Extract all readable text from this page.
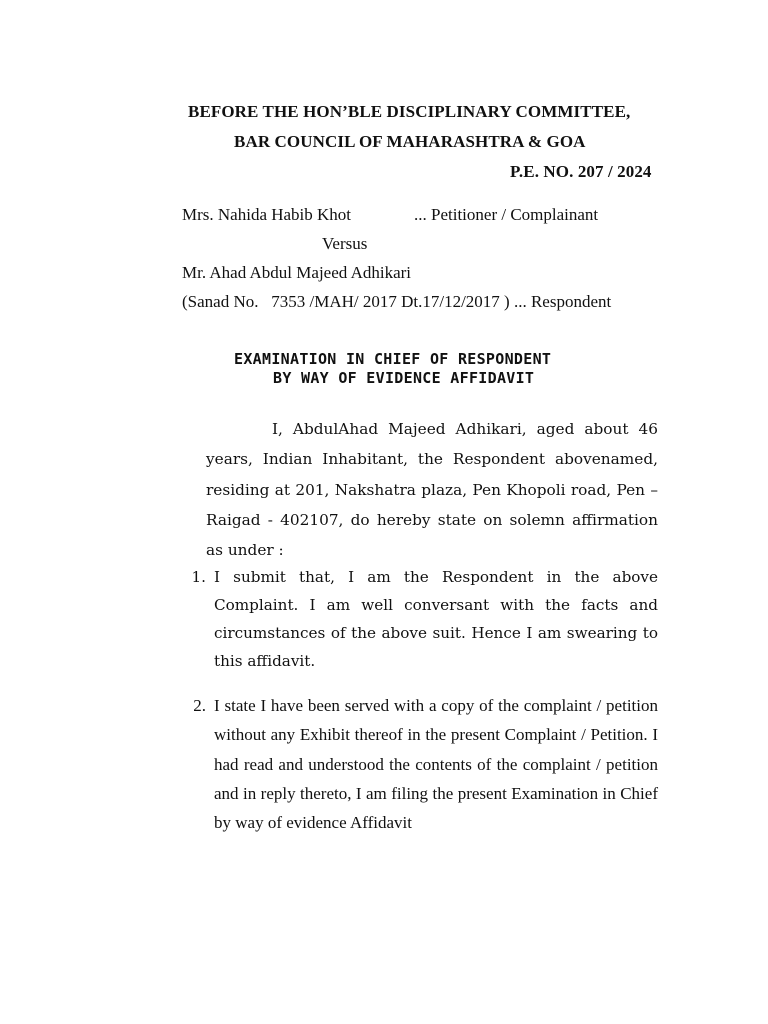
BEFORE THE HON’BLE DISCIPLINARY COMMITTEE,
BAR COUNCIL OF MAHARASHTRA & GOA
P.E. NO. 207 / 2024
Mrs. Nahida Habib Khot	... Petitioner / Complainant
Versus
Mr. Ahad Abdul Majeed Adhikari
(Sanad No.   7353 /MAH/ 2017 Dt.17/12/2017 ) ... Respondent
EXAMINATION IN CHIEF OF RESPONDENT
BY WAY OF EVIDENCE AFFIDAVIT
I, AbdulAhad Majeed Adhikari, aged about 46 years, Indian Inhabitant, the Respondent abovenamed, residing at 201, Nakshatra plaza, Pen Khopoli road, Pen – Raigad - 402107, do hereby state on solemn affirmation as under :
1. I submit that, I am the Respondent in the above Complaint. I am well conversant with the facts and circumstances of the above suit. Hence I am swearing to this affidavit.
2. I state I have been served with a copy of the complaint / petition without any Exhibit thereof in the present Complaint / Petition. I had read and understood the contents of the complaint / petition and in reply thereto, I am filing the present Examination in Chief by way of evidence Affidavit
